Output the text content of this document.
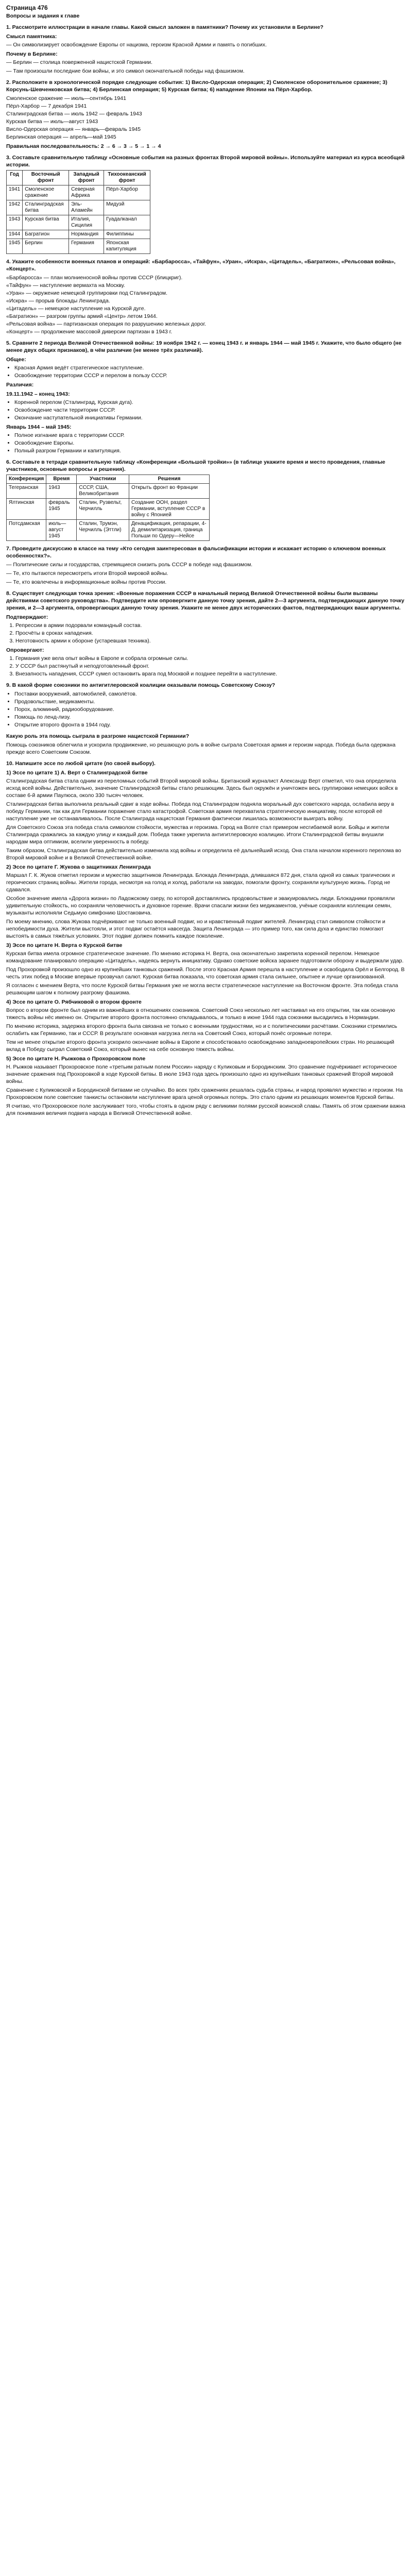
Страница 476
Вопросы и задания к главе
1. Рассмотрите иллюстрации в начале главы. Какой смысл заложен в памятники? Почему их установили в Берлине?
Смысл памятника:

— Он символизирует освобождение Европы от нацизма, героизм Красной Армии и память о погибших.

Почему в Берлине:

— Берлин — столица поверженной нацистской Германии.

— Там произошли последние бои войны, и это символ окончательной победы над фашизмом.

2. Расположите в хронологической порядке следующие события: 1) Висло-Одерская операция; 2) Смоленское оборонительное сражение; 3) Корсунь-Шевченковская битва; 4) Берлинская операция; 5) Курская битва; 6) нападение Японии на Пёрл-Харбор.
Смоленское сражение — июль—сентябрь 1941
Пёрл-Харбор — 7 декабря 1941
Сталинградская битва — июль 1942 — февраль 1943
Курская битва — июль—август 1943
Висло-Одерская операция — январь—февраль 1945
Берлинская операция — апрель—май 1945
Правильная последовательность: 2 → 6 → 3 → 5 → 1 → 4
3. Составьте сравнительную таблицу «Основные события на разных фронтах Второй мировой войны». Используйте материал из курса всеобщей истории.
Год	Восточный фронт	Западный фронт	Тихоокеанский фронт
1941	Смоленское сражение	Северная Африка	Пёрл-Харбор
1942	Сталинградская битва	Эль-Аламейн	Мидуэй
1943	Курская битва	Италия, Сицилия	Гуадалканал
1944	Багратион	Нормандия	Филиппины
1945	Берлин	Германия	Японская капитуляция
4. Укажите особенности военных планов и операций: «Барбаросса», «Тайфун», «Уран», «Искра», «Цитадель», «Багратион», «Рельсовая война», «Концерт».
«Барбаросса» — план молниеносной войны против СССР (блицкриг).
«Тайфун» — наступление вермахта на Москву.
«Уран» — окружение немецкой группировки под Сталинградом.
«Искра» — прорыв блокады Ленинграда.
«Цитадель» — немецкое наступление на Курской дуге.
«Багратион» — разгром группы армий «Центр» летом 1944.
«Рельсовая война» — партизанская операция по разрушению железных дорог.
«Концерт» — продолжение массовой диверсии партизан в 1943 г.
5. Сравните 2 периода Великой Отечественной войны: 19 ноября 1942 г. — конец 1943 г. и январь 1944 — май 1945 г. Укажите, что было общего (не менее двух общих признаков), в чём различие (не менее трёх различий).
Общее:
• Красная Армия ведёт стратегическое наступление.
• Освобождение территории СССР и перелом в пользу СССР.
Различия:
19.11.1942 – конец 1943:
• Коренной перелом (Сталинград, Курская дуга).
• Освобождение части территории СССР.
• Окончание наступательной инициативы Германии.
Январь 1944 – май 1945:
• Полное изгнание врага с территории СССР.
• Освобождение Европы.
• Полный разгром Германии и капитуляция.
6. Составьте в тетради сравнительную таблицу «Конференции «Большой тройки»» (в таблице укажите время и место проведения, главные участников, основные вопросы и решения).
Конференция	Время	Участники	Решения
Тегеранская	1943	СССР, США, Великобритания	Открыть фронт во Франции
Ялтинская	февраль 1945	Сталин, Рузвельт, Черчилль	Создание ООН, раздел Германии, вступление СССР в войну с Японией
Потсдамская	июль—август 1945	Сталин, Трумэн, Черчилль (Эттли)	Денацификация, репарации, 4-Д, демилитаризация, граница Польши по Одеру—Нейсе
7. Проведите дискуссию в классе на тему «Кто сегодня заинтересован в фальсификации истории и искажает историю о ключевом военных особенностях?».

— Политические силы и государства, стремящиеся снизить роль СССР в победе над фашизмом.

— Те, кто пытаются пересмотреть итоги Второй мировой войны.

— Те, кто вовлечены в информационные войны против России.

8. Существует следующая точка зрения: «Военные поражения СССР в начальный период Великой Отечественной войны были вызваны действиями советского руководства». Подтвердите или опровергните данную точку зрения, дайте 2—3 аргумента, подтверждающих данную точку зрения, и 2—3 аргумента, опровергающих данную точку зрения. Укажите не менее двух исторических фактов, подтверждающих ваши аргументы.
Подтверждают:
1. Репрессии в армии подорвали командный состав.
2. Просчёты в сроках нападения.
3. Неготовность армии к обороне (устаревшая техника).
Опровергают:
1. Германия уже вела опыт войны в Европе и собрала огромные силы.
2. У СССР был растянутый и неподготовленный фронт.
3. Внезапность нападения, СССР сумел остановить врага под Москвой и позднее перейти в наступление.
9. В какой форме союзники по антигитлеровской коалиции оказывали помощь Советскому Союзу?
• Поставки вооружений, автомобилей, самолётов.
• Продовольствие, медикаменты.
• Порох, алюминий, радиооборудование.
• Помощь по ленд-лизу.
• Открытие второго фронта в 1944 году.
Какую роль эта помощь сыграла в разгроме нацистской Германии?

Помощь союзников облегчила и ускорила продвижение, но решающую роль в войне сыграла Советская армия и героизм народа. Победа была одержана прежде всего Советским Союзом.

10. Напишите эссе по любой цитате (по своей выбору).
1) Эссе по цитате 1) А. Верт о Сталинградской битве

Сталинградская битва стала одним из переломных событий Второй мировой войны. Британский журналист Александр Верт отметил, что она определила исход всей войны. Действительно, значение Сталинградской битвы стало решающим. Здесь был окружён и уничтожен весь группировки немецких войск в составе 6-й армии Паулюса, около 330 тысяч человек.

Сталинградская битва выполнила реальный сдвиг в ходе войны. Победа под Сталинградом подняла моральный дух советского народа, ослабила веру в победу Германии, так как для Германии поражение стало катастрофой. Советская армия перехватила стратегическую инициативу, после которой её наступление уже не останавливалось. После Сталинграда нацистская Германия фактически лишилась возможности выиграть войну.

Для Советского Союза эта победа стала символом стойкости, мужества и героизма. Город на Волге стал примером несгибаемой воли. Бойцы и жители Сталинграда сражались за каждую улицу и каждый дом. Победа также укрепила антигитлеровскую коалицию. Итоги Сталинградской битвы внушили народам мира оптимизм, вселили уверенность в победу.

Таким образом, Сталинградская битва действительно изменила ход войны и определила её дальнейший исход. Она стала началом коренного перелома во Второй мировой войне и в Великой Отечественной войне.

2) Эссе по цитате Г. Жукова о защитниках Ленинграда

Маршал Г. К. Жуков отметил героизм и мужество защитников Ленинграда. Блокада Ленинграда, длившаяся 872 дня, стала одной из самых трагических и героических страниц войны. Жители города, несмотря на голод и холод, работали на заводах, помогали фронту, сохраняли культурную жизнь. Город не сдавался.

Особое значение имела «Дорога жизни» по Ладожскому озеру, по которой доставлялись продовольствие и эвакуировались люди. Блокадники проявляли удивительную стойкость, но сохраняли человечность и духовное горение. Врачи спасали жизни без медикаментов, учёные сохраняли коллекции семян, музыканты исполняли Седьмую симфонию Шостаковича.

По моему мнению, слова Жукова подчёркивают не только военный подвиг, но и нравственный подвиг жителей. Ленинград стал символом стойкости и непобедимости духа. Жители выстояли, и этот подвиг остаётся навсегда. Защита Ленинграда — это пример того, как сила духа и единство помогают выстоять в самых тяжёлых условиях. Этот подвиг должен помнить каждое поколение.

3) Эссе по цитате Н. Верта о Курской битве

Курская битва имела огромное стратегическое значение. По мнению историка Н. Верта, она окончательно закрепила коренной перелом. Немецкое командование планировало операцию «Цитадель», надеясь вернуть инициативу. Однако советские войска заранее подготовили оборону и выдержали удар.

Под Прохоровкой произошло одно из крупнейших танковых сражений. После этого Красная Армия перешла в наступление и освободила Орёл и Белгород. В честь этих побед в Москве впервые прозвучал салют. Курская битва показала, что советская армия стала сильнее, опытнее и лучше организованной.

Я согласен с мнением Верта, что после Курской битвы Германия уже не могла вести стратегическое наступление на Восточном фронте. Эта победа стала решающим шагом к полному разгрому фашизма.

4) Эссе по цитате О. Рябчиковой о втором фронте

Вопрос о втором фронте был одним из важнейших в отношениях союзников. Советский Союз несколько лет настаивал на его открытии, так как основную тяжесть войны нёс именно он. Открытие второго фронта постоянно откладывалось, и только в июне 1944 года союзники высадились в Нормандии.

По мнению историка, задержка второго фронта была связана не только с военными трудностями, но и с политическими расчётами. Союзники стремились ослабить как Германию, так и СССР. В результате основная нагрузка легла на Советский Союз, который понёс огромные потери.

Тем не менее открытие второго фронта ускорило окончание войны в Европе и способствовало освобождению западноевропейских стран. Но решающий вклад в Победу сыграл Советский Союз, который вынес на себе основную тяжесть войны.

5) Эссе по цитате Н. Рыжкова о Прохоровском поле

Н. Рыжков называет Прохоровское поле «третьим ратным полем России» наряду с Куликовым и Бородинским. Это сравнение подчёркивает историческое значение сражения под Прохоровкой в ходе Курской битвы. В июле 1943 года здесь произошло одно из крупнейших танковых сражений Второй мировой войны.

Сравнение с Куликовской и Бородинской битвами не случайно. Во всех трёх сражениях решалась судьба страны, и народ проявлял мужество и героизм. На Прохоровском поле советские танкисты остановили наступление врага ценой огромных потерь. Это стало одним из решающих моментов Курской битвы.

Я считаю, что Прохоровское поле заслуживает того, чтобы стоять в одном ряду с великими полями русской воинской славы. Память об этом сражении важна для понимания величия подвига народа в Великой Отечественной войне.
